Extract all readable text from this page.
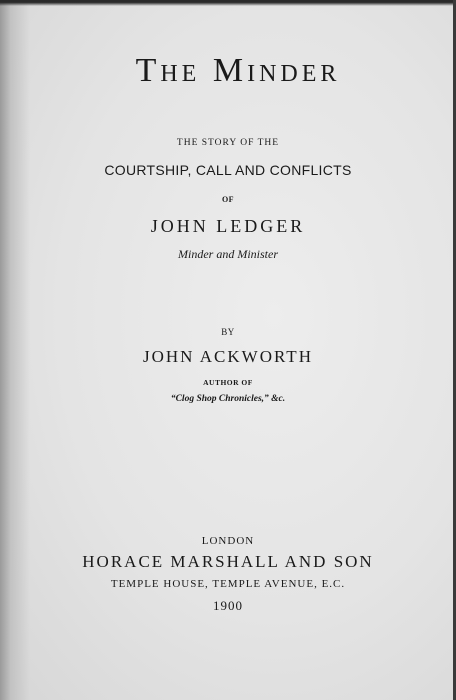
The Minder

THE STORY OF THE

COURTSHIP, CALL AND CONFLICTS

OF

JOHN LEDGER

Minder and Minister

BY

JOHN ACKWORTH

AUTHOR OF

“Clog Shop Chronicles,” &c.

LONDON

HORACE MARSHALL AND SON

TEMPLE HOUSE, TEMPLE AVENUE, E.C.

1900
